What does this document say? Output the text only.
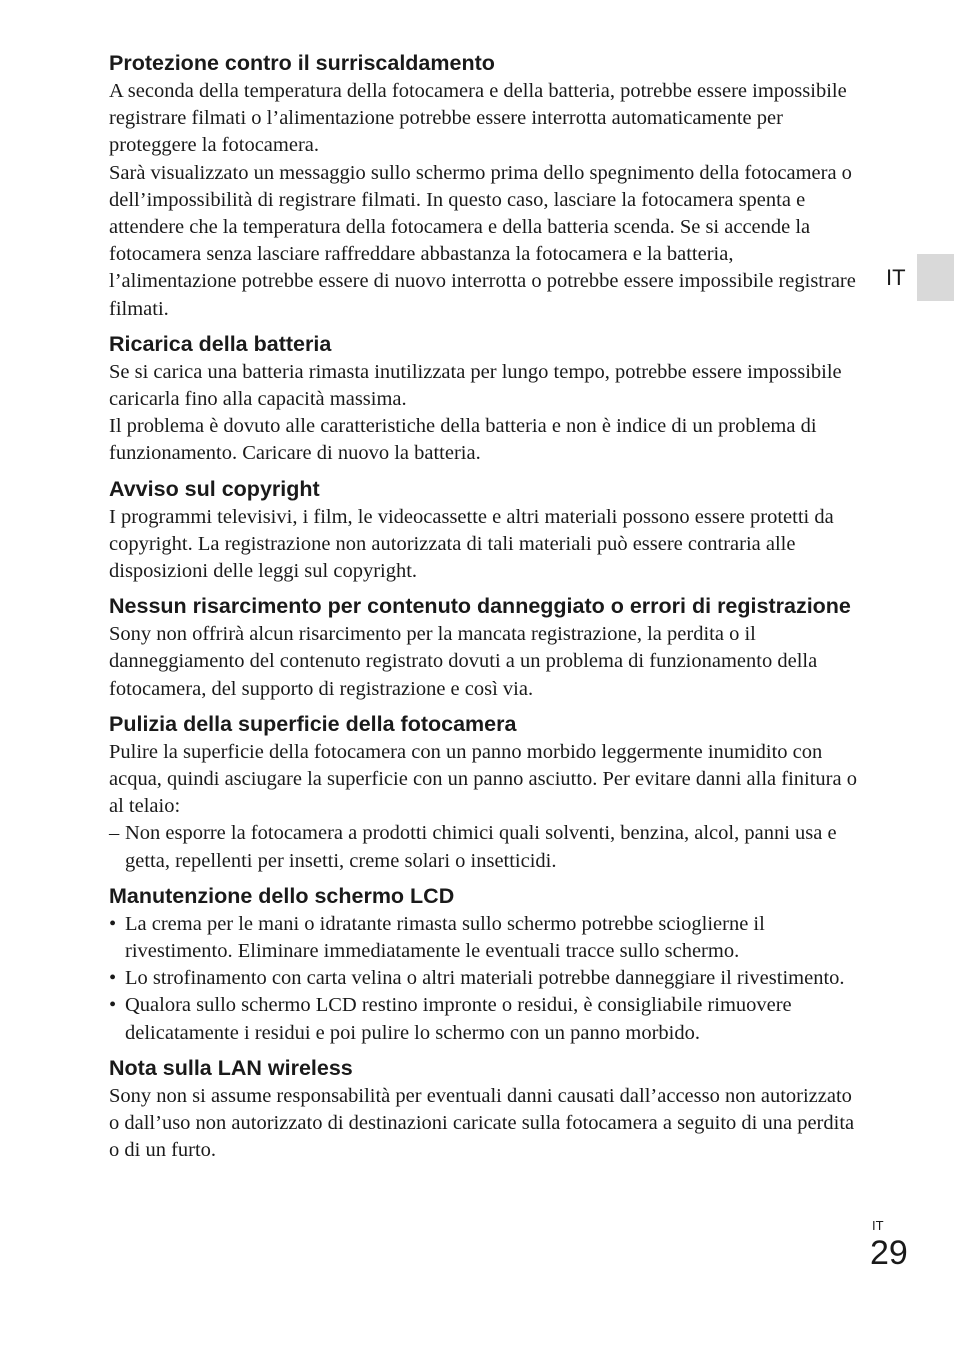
IT
Protezione contro il surriscaldamento

A seconda della temperatura della fotocamera e della batteria, potrebbe essere impossibile registrare filmati o l’alimentazione potrebbe essere interrotta automaticamente per proteggere la fotocamera.

Sarà visualizzato un messaggio sullo schermo prima dello spegnimento della fotocamera o dell’impossibilità di registrare filmati. In questo caso, lasciare la fotocamera spenta e attendere che la temperatura della fotocamera e della batteria scenda. Se si accende la fotocamera senza lasciare raffreddare abbastanza la fotocamera e la batteria, l’alimentazione potrebbe essere di nuovo interrotta o potrebbe essere impossibile registrare filmati.

Ricarica della batteria

Se si carica una batteria rimasta inutilizzata per lungo tempo, potrebbe essere impossibile caricarla fino alla capacità massima.

Il problema è dovuto alle caratteristiche della batteria e non è indice di un problema di funzionamento. Caricare di nuovo la batteria.

Avviso sul copyright

I programmi televisivi, i film, le videocassette e altri materiali possono essere protetti da copyright. La registrazione non autorizzata di tali materiali può essere contraria alle disposizioni delle leggi sul copyright.

Nessun risarcimento per contenuto danneggiato o errori di registrazione

Sony non offrirà alcun risarcimento per la mancata registrazione, la perdita o il danneggiamento del contenuto registrato dovuti a un problema di funzionamento della fotocamera, del supporto di registrazione e così via.

Pulizia della superficie della fotocamera

Pulire la superficie della fotocamera con un panno morbido leggermente inumidito con acqua, quindi asciugare la superficie con un panno asciutto. Per evitare danni alla finitura o al telaio:

– Non esporre la fotocamera a prodotti chimici quali solventi, benzina, alcol, panni usa e getta, repellenti per insetti, creme solari o insetticidi.
Manutenzione dello schermo LCD
• La crema per le mani o idratante rimasta sullo schermo potrebbe scioglierne il rivestimento. Eliminare immediatamente le eventuali tracce sullo schermo.
• Lo strofinamento con carta velina o altri materiali potrebbe danneggiare il rivestimento.
• Qualora sullo schermo LCD restino impronte o residui, è consigliabile rimuovere delicatamente i residui e poi pulire lo schermo con un panno morbido.
Nota sulla LAN wireless

Sony non si assume responsabilità per eventuali danni causati dall’accesso non autorizzato o dall’uso non autorizzato di destinazioni caricate sulla fotocamera a seguito di una perdita o di un furto.

IT
29
